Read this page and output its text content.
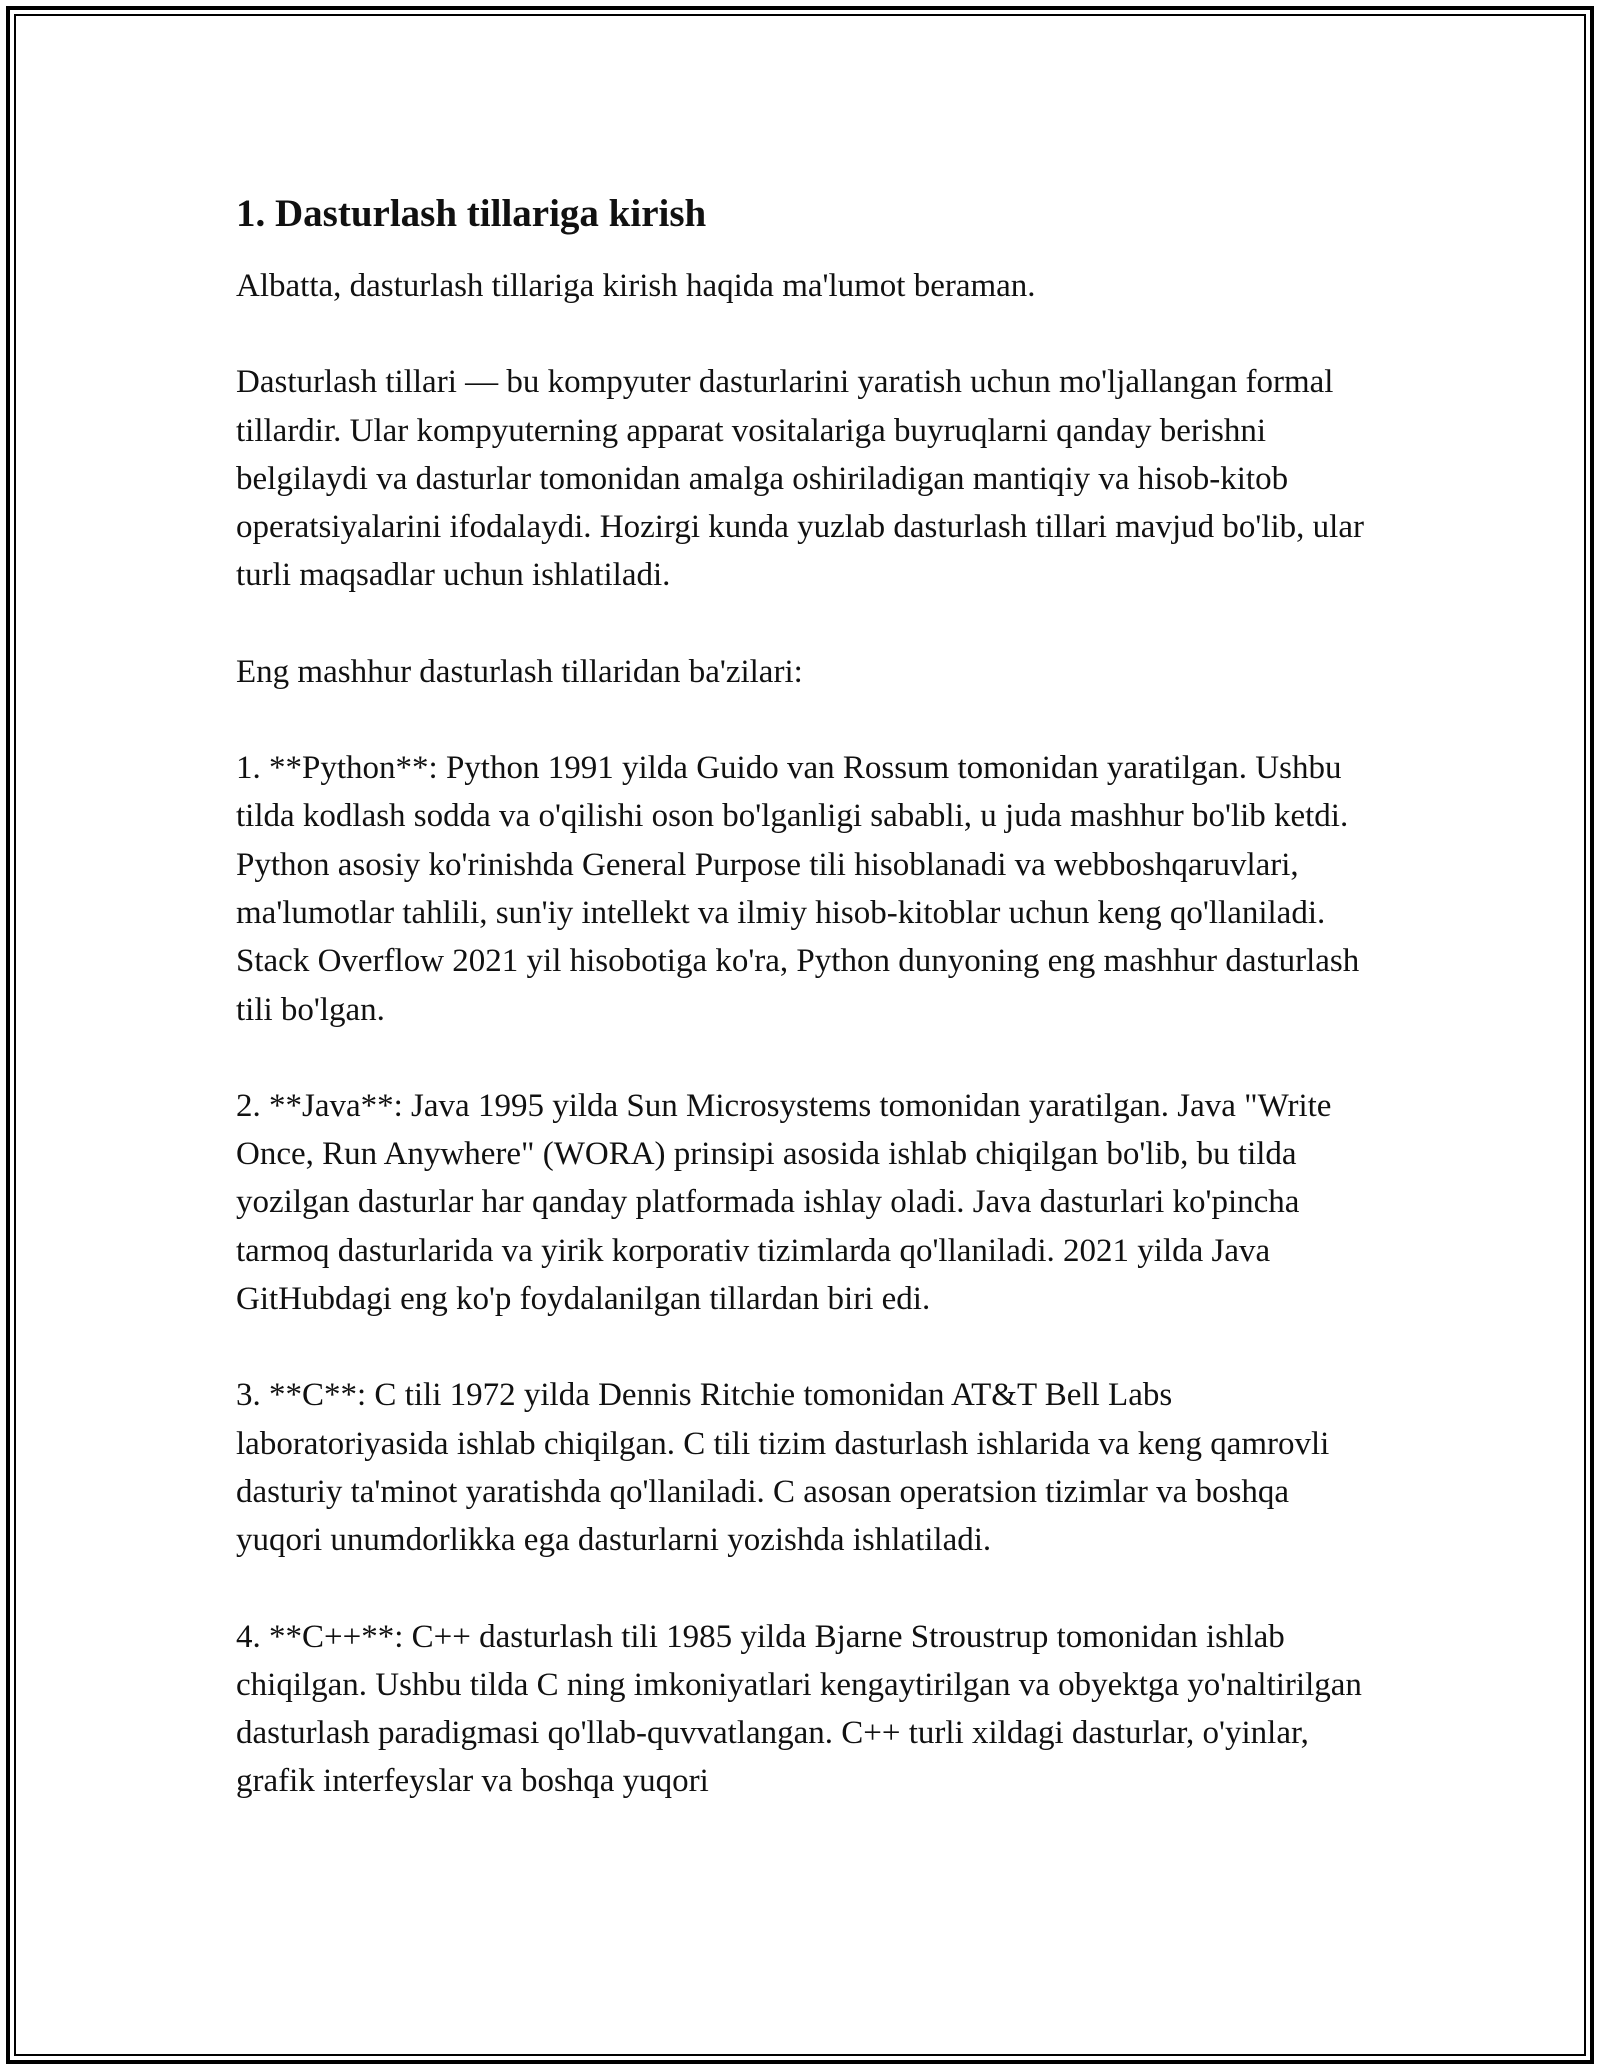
1. Dasturlash tillariga kirish

Albatta, dasturlash tillariga kirish haqida ma'lumot beraman.

Dasturlash tillari — bu kompyuter dasturlarini yaratish uchun mo'ljallangan formal tillardir. Ular kompyuterning apparat vositalariga buyruqlarni qanday berishni belgilaydi va dasturlar tomonidan amalga oshiriladigan mantiqiy va hisob-kitob operatsiyalarini ifodalaydi. Hozirgi kunda yuzlab dasturlash tillari mavjud bo'lib, ular turli maqsadlar uchun ishlatiladi.

Eng mashhur dasturlash tillaridan ba'zilari:

1. **Python**: Python 1991 yilda Guido van Rossum tomonidan yaratilgan. Ushbu tilda kodlash sodda va o'qilishi oson bo'lganligi sababli, u juda mashhur bo'lib ketdi. Python asosiy ko'rinishda General Purpose tili hisoblanadi va webboshqaruvlari, ma'lumotlar tahlili, sun'iy intellekt va ilmiy hisob-kitoblar uchun keng qo'llaniladi. Stack Overflow 2021 yil hisobotiga ko'ra, Python dunyoning eng mashhur dasturlash tili bo'lgan.

2. **Java**: Java 1995 yilda Sun Microsystems tomonidan yaratilgan. Java "Write Once, Run Anywhere" (WORA) prinsipi asosida ishlab chiqilgan bo'lib, bu tilda yozilgan dasturlar har qanday platformada ishlay oladi. Java dasturlari ko'pincha tarmoq dasturlarida va yirik korporativ tizimlarda qo'llaniladi. 2021 yilda Java GitHubdagi eng ko'p foydalanilgan tillardan biri edi.

3. **C**: C tili 1972 yilda Dennis Ritchie tomonidan AT&T Bell Labs laboratoriyasida ishlab chiqilgan. C tili tizim dasturlash ishlarida va keng qamrovli dasturiy ta'minot yaratishda qo'llaniladi. C asosan operatsion tizimlar va boshqa yuqori unumdorlikka ega dasturlarni yozishda ishlatiladi.

4. **C++**: C++ dasturlash tili 1985 yilda Bjarne Stroustrup tomonidan ishlab chiqilgan. Ushbu tilda C ning imkoniyatlari kengaytirilgan va obyektga yo'naltirilgan dasturlash paradigmasi qo'llab-quvvatlangan. C++ turli xildagi dasturlar, o'yinlar, grafik interfeyslar va boshqa yuqori
